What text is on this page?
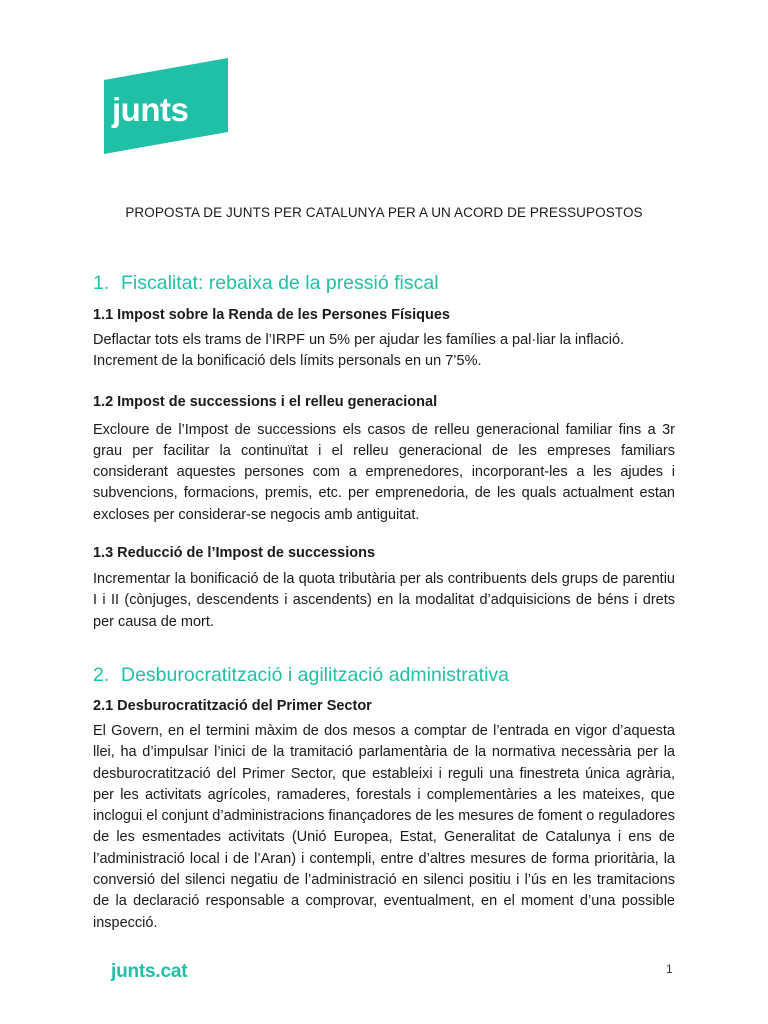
junts
PROPOSTA DE JUNTS PER CATALUNYA PER A UN ACORD DE PRESSUPOSTOS
1. Fiscalitat: rebaixa de la pressió fiscal
1.1 Impost sobre la Renda de les Persones Físiques
Deflactar tots els trams de l’IRPF un 5% per ajudar les famílies a pal·liar la inflació. Increment de la bonificació dels límits personals en un 7’5%.
1.2 Impost de successions i el relleu generacional
Excloure de l’Impost de successions els casos de relleu generacional familiar fins a 3r grau per facilitar la continuïtat i el relleu generacional de les empreses familiars considerant aquestes persones com a emprenedores, incorporant-les a les ajudes i subvencions, formacions, premis, etc. per emprenedoria, de les quals actualment estan excloses per considerar-se negocis amb antiguitat.
1.3 Reducció de l’Impost de successions
Incrementar la bonificació de la quota tributària per als contribuents dels grups de parentiu I i II (cònjuges, descendents i ascendents) en la modalitat d’adquisicions de béns i drets per causa de mort.
2. Desburocratització i agilització administrativa
2.1 Desburocratització del Primer Sector
El Govern, en el termini màxim de dos mesos a comptar de l’entrada en vigor d’aquesta llei, ha d’impulsar l’inici de la tramitació parlamentària de la normativa necessària per la desburocratització del Primer Sector, que estableixi i reguli una finestreta única agrària, per les activitats agrícoles, ramaderes, forestals i complementàries a les mateixes, que inclogui el conjunt d’administracions finançadores de les mesures de foment o reguladores de les esmentades activitats (Unió Europea, Estat, Generalitat de Catalunya i ens de l’administració local i de l’Aran) i contempli, entre d’altres mesures de forma prioritària, la conversió del silenci negatiu de l’administració en silenci positiu i l’ús en les tramitacions de la declaració responsable a comprovar, eventualment, en el moment d’una possible inspecció.
junts.cat	1
